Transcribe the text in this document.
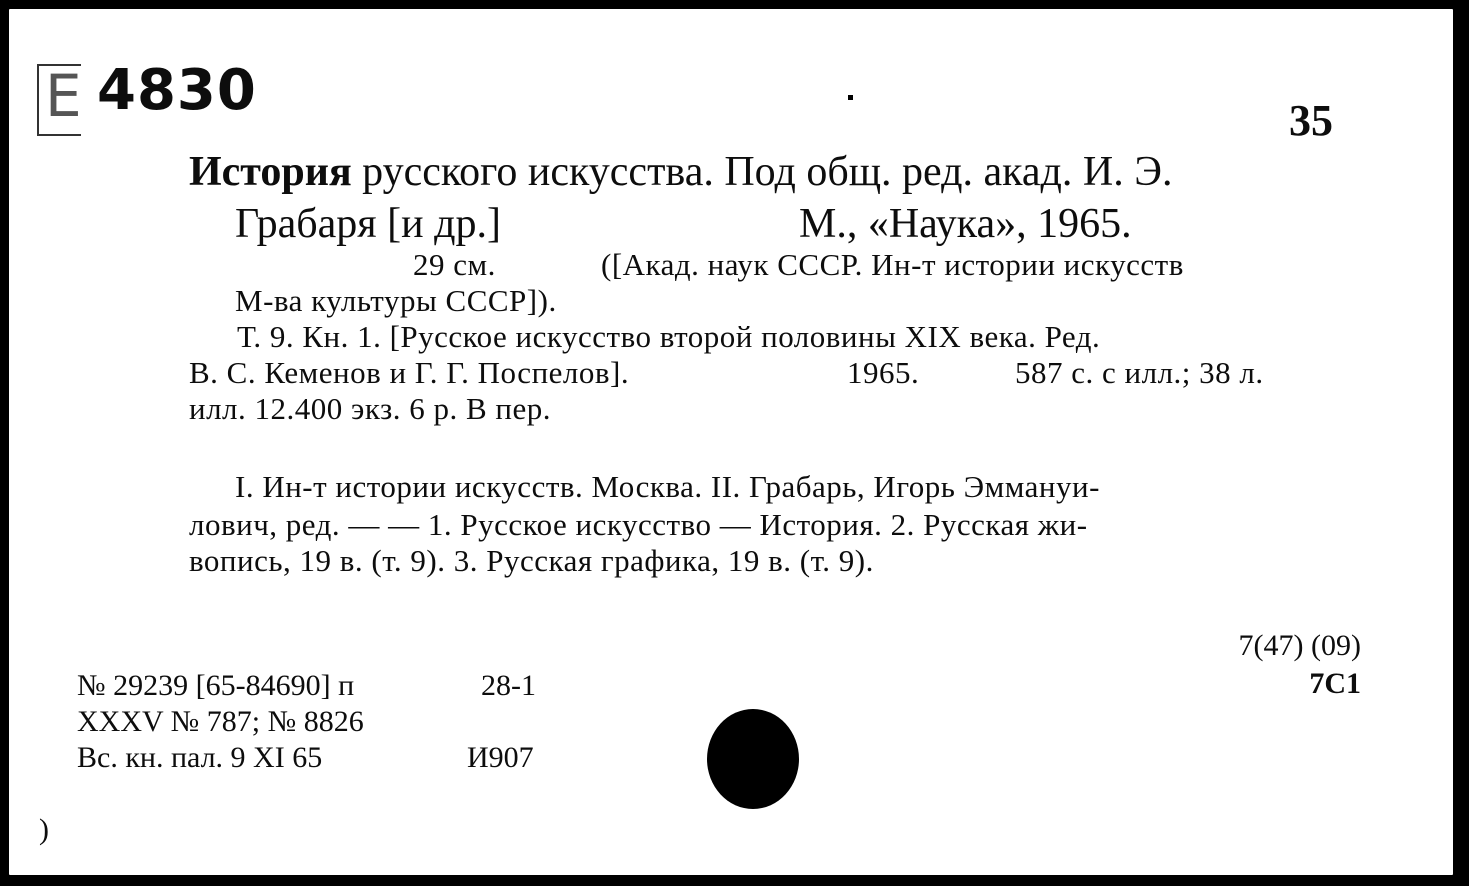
E 4830	35
История русского искусства. Под общ. ред. акад. И. Э.
Грабаря [и др.]	М., «Наука», 1965.
29 см.	([Акад. наук СССР. Ин-т истории искусств
М-ва культуры СССР]).
Т. 9. Кн. 1. [Русское искусство второй половины XIX века. Ред.
В. С. Кеменов и Г. Г. Поспелов].	1965.	587 с. с илл.; 38 л.
илл. 12.400 экз. 6 р. В пер.
I. Ин-т истории искусств. Москва. II. Грабарь, Игорь Эммануи-
лович, ред. — — 1. Русское искусство — История. 2. Русская жи-
вопись, 19 в. (т. 9). 3. Русская графика, 19 в. (т. 9).
7(47) (09)
7С1
№ 29239 [65-84690] п	28-1
XXXV № 787; № 8826
Вс. кн. пал. 9 XI 65	И907
)
